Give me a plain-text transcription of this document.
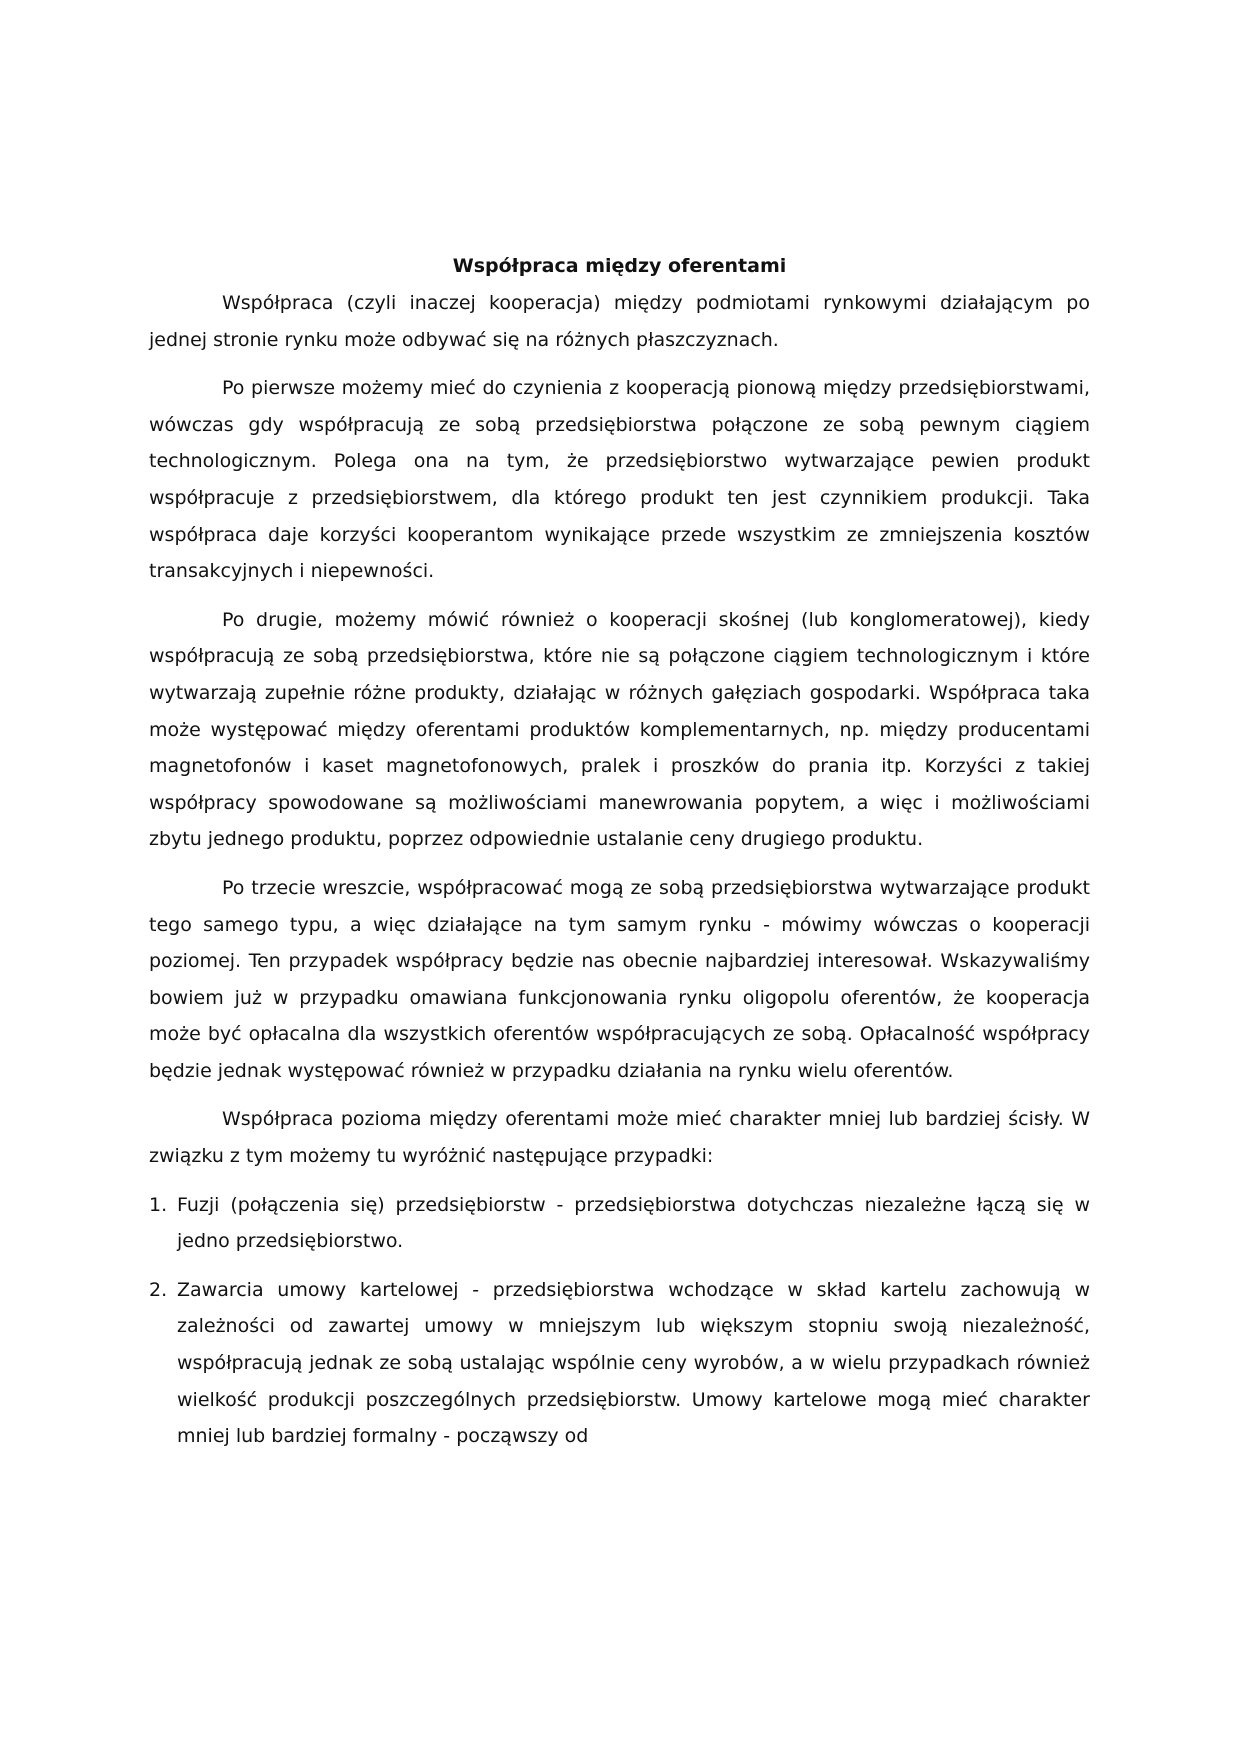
Współpraca między oferentami

Współpraca (czyli inaczej kooperacja) między podmiotami rynkowymi działającym po jednej stronie rynku może odbywać się na różnych płaszczyznach.

Po pierwsze możemy mieć do czynienia z kooperacją pionową między przedsiębiorstwami, wówczas gdy współpracują ze sobą przedsiębiorstwa połączone ze sobą pewnym ciągiem technologicznym. Polega ona na tym, że przedsiębiorstwo wytwarzające pewien produkt współpracuje z przedsiębiorstwem, dla którego produkt ten jest czynnikiem produkcji. Taka współpraca daje korzyści kooperantom wynikające przede wszystkim ze zmniejszenia kosztów transakcyjnych i niepewności.

Po drugie, możemy mówić również o kooperacji skośnej (lub konglomeratowej), kiedy współpracują ze sobą przedsiębiorstwa, które nie są połączone ciągiem technologicznym i które wytwarzają zupełnie różne produkty, działając w różnych gałęziach gospodarki. Współpraca taka może występować między oferentami produktów komplementarnych, np. między producentami magnetofonów i kaset magnetofonowych, pralek i proszków do prania itp. Korzyści z takiej współpracy spowodowane są możliwościami manewrowania popytem, a więc i możliwościami zbytu jednego produktu, poprzez odpowiednie ustalanie ceny drugiego produktu.

Po trzecie wreszcie, współpracować mogą ze sobą przedsiębiorstwa wytwarzające produkt tego samego typu, a więc działające na tym samym rynku - mówimy wówczas o kooperacji poziomej. Ten przypadek współpracy będzie nas obecnie najbardziej interesował. Wskazywaliśmy bowiem już w przypadku omawiana funkcjonowania rynku oligopolu oferentów, że kooperacja może być opłacalna dla wszystkich oferentów współpracujących ze sobą. Opłacalność współpracy będzie jednak występować również w przypadku działania na rynku wielu oferentów.

Współpraca pozioma między oferentami może mieć charakter mniej lub bardziej ścisły. W związku z tym możemy tu wyróżnić następujące przypadki:

1. Fuzji (połączenia się) przedsiębiorstw - przedsiębiorstwa dotychczas niezależne łączą się w jedno przedsiębiorstwo.
2. Zawarcia umowy kartelowej - przedsiębiorstwa wchodzące w skład kartelu zachowują w zależności od zawartej umowy w mniejszym lub większym stopniu swoją niezależność, współpracują jednak ze sobą ustalając wspólnie ceny wyrobów, a w wielu przypadkach również wielkość produkcji poszczególnych przedsiębiorstw. Umowy kartelowe mogą mieć charakter mniej lub bardziej formalny - począwszy od
